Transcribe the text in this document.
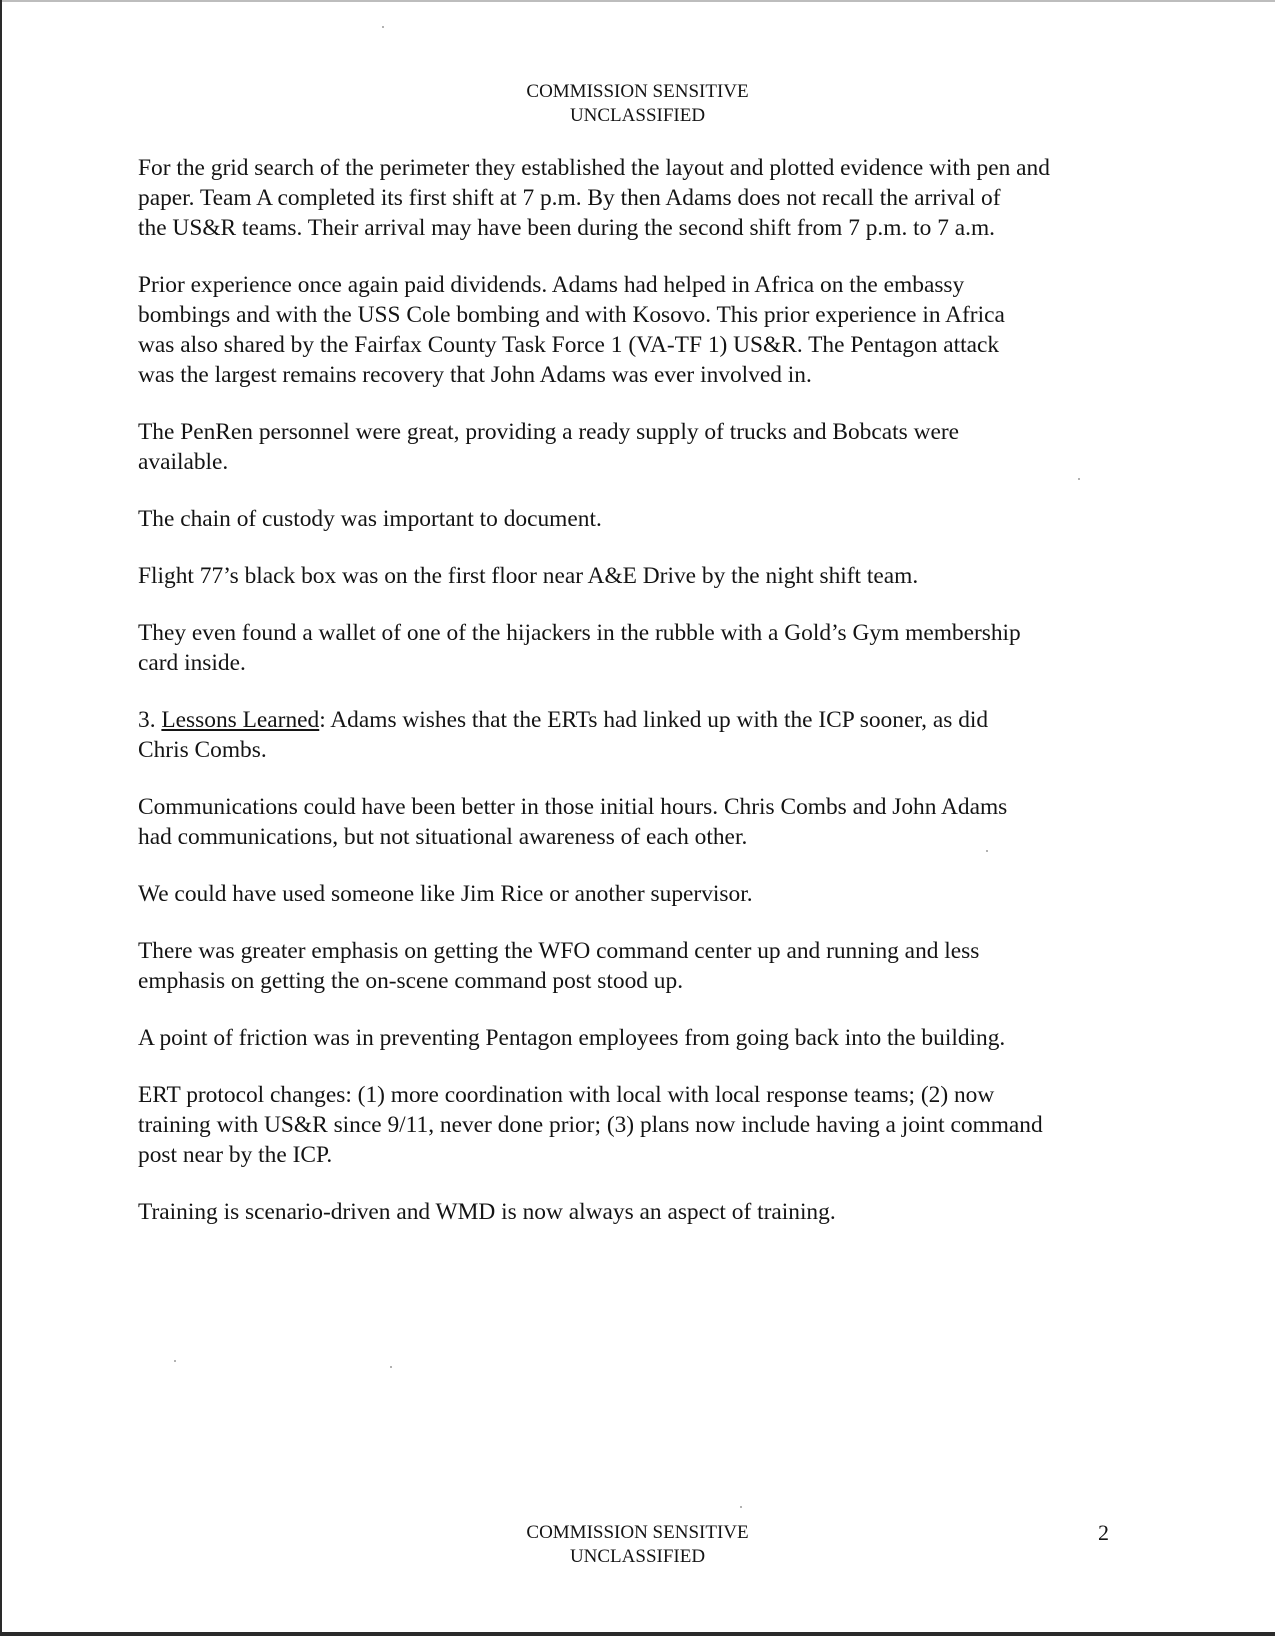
COMMISSION SENSITIVE
UNCLASSIFIED
For the grid search of the perimeter they established the layout and plotted evidence with pen and
paper. Team A completed its first shift at 7 p.m. By then Adams does not recall the arrival of
the US&R teams. Their arrival may have been during the second shift from 7 p.m. to 7 a.m.
Prior experience once again paid dividends. Adams had helped in Africa on the embassy
bombings and with the USS Cole bombing and with Kosovo. This prior experience in Africa
was also shared by the Fairfax County Task Force 1 (VA-TF 1) US&R. The Pentagon attack
was the largest remains recovery that John Adams was ever involved in.
The PenRen personnel were great, providing a ready supply of trucks and Bobcats were
available.
The chain of custody was important to document.
Flight 77’s black box was on the first floor near A&E Drive by the night shift team.
They even found a wallet of one of the hijackers in the rubble with a Gold’s Gym membership
card inside.
3. Lessons Learned: Adams wishes that the ERTs had linked up with the ICP sooner, as did
Chris Combs.
Communications could have been better in those initial hours. Chris Combs and John Adams
had communications, but not situational awareness of each other.
We could have used someone like Jim Rice or another supervisor.
There was greater emphasis on getting the WFO command center up and running and less
emphasis on getting the on-scene command post stood up.
A point of friction was in preventing Pentagon employees from going back into the building.
ERT protocol changes: (1) more coordination with local with local response teams; (2) now
training with US&R since 9/11, never done prior; (3) plans now include having a joint command
post near by the ICP.
Training is scenario-driven and WMD is now always an aspect of training.
COMMISSION SENSITIVE
UNCLASSIFIED
2
